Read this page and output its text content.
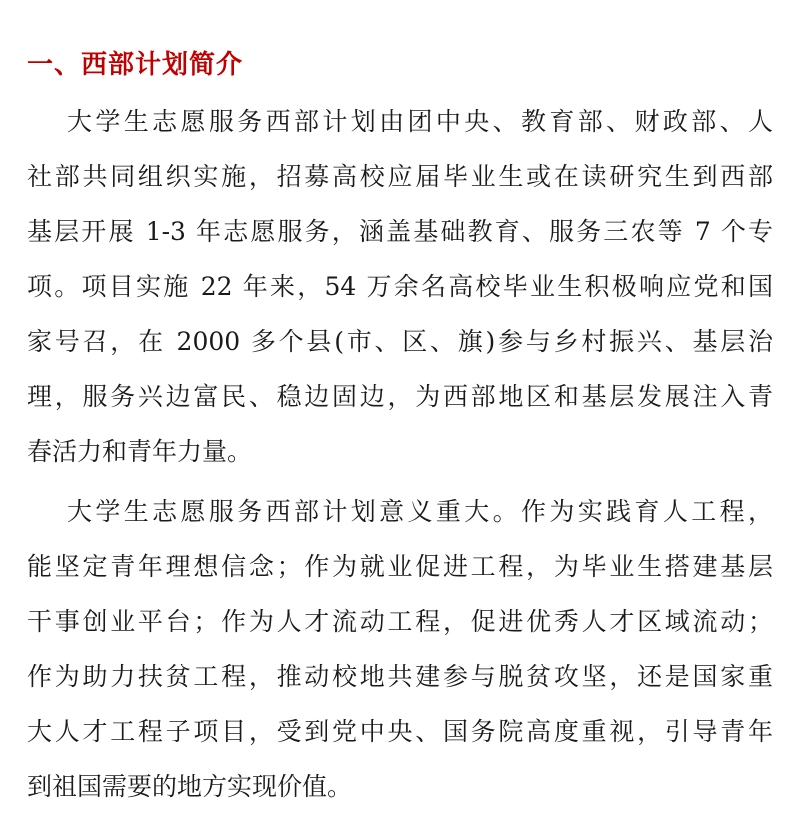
一、西部计划简介
大学生志愿服务西部计划由团中央、教育部、财政部、人
社部共同组织实施，招募高校应届毕业生或在读研究生到西部
基层开展 1-3 年志愿服务，涵盖基础教育、服务三农等 7 个专
项。项目实施 22 年来，54 万余名高校毕业生积极响应党和国
家号召，在 2000 多个县(市、区、旗)参与乡村振兴、基层治
理，服务兴边富民、稳边固边，为西部地区和基层发展注入青
春活力和青年力量。
大学生志愿服务西部计划意义重大。作为实践育人工程，
能坚定青年理想信念；作为就业促进工程，为毕业生搭建基层
干事创业平台；作为人才流动工程，促进优秀人才区域流动；
作为助力扶贫工程，推动校地共建参与脱贫攻坚，还是国家重
大人才工程子项目，受到党中央、国务院高度重视，引导青年
到祖国需要的地方实现价值。
